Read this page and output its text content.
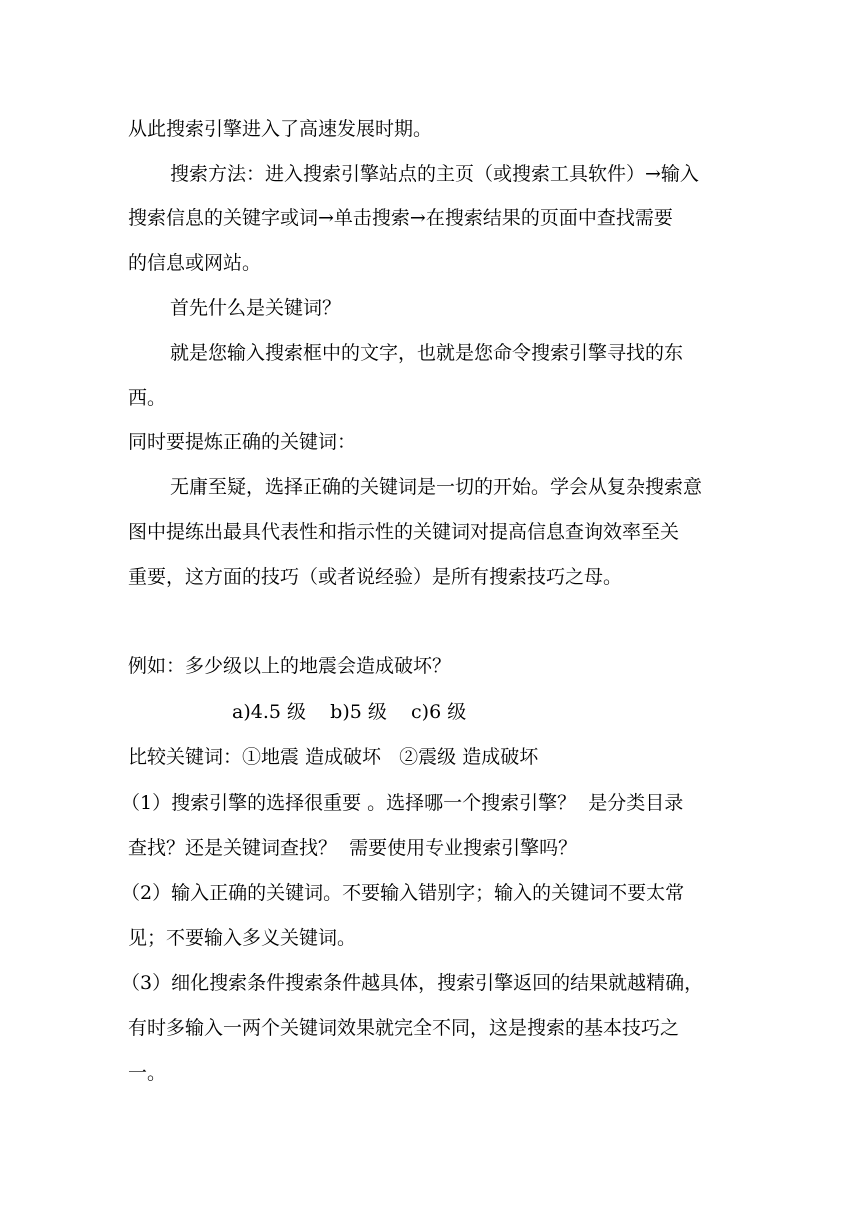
从此搜索引擎进入了高速发展时期。
搜索方法：进入搜索引擎站点的主页（或搜索工具软件）→输入
搜索信息的关键字或词→单击搜索→在搜索结果的页面中查找需要
的信息或网站。
首先什么是关键词？
就是您输入搜索框中的文字，也就是您命令搜索引擎寻找的东
西。
同时要提炼正确的关键词：
无庸至疑，选择正确的关键词是一切的开始。学会从复杂搜索意
图中提练出最具代表性和指示性的关键词对提高信息查询效率至关
重要，这方面的技巧（或者说经验）是所有搜索技巧之母。
例如：多少级以上的地震会造成破坏？
a)4.5 级    b)5 级    c)6 级
比较关键词：①地震 造成破坏   ②震级 造成破坏
（1）搜索引擎的选择很重要 。选择哪一个搜索引擎？  是分类目录
查找？还是关键词查找？  需要使用专业搜索引擎吗？
（2）输入正确的关键词。不要输入错别字；输入的关键词不要太常
见；不要输入多义关键词。
（3）细化搜索条件搜索条件越具体，搜索引擎返回的结果就越精确，
有时多输入一两个关键词效果就完全不同，这是搜索的基本技巧之
一。
